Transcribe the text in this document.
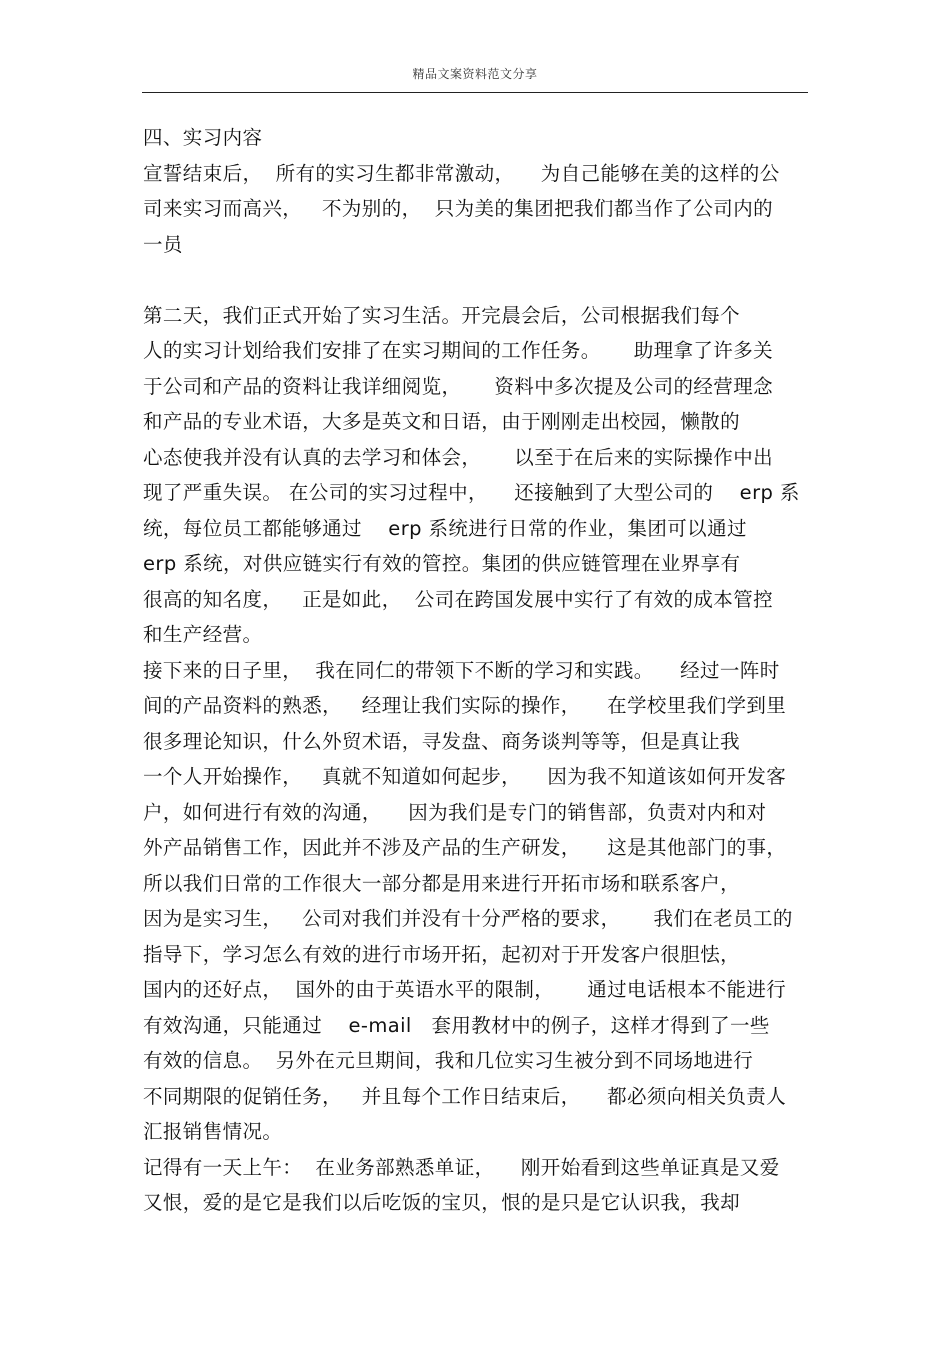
精品文案资料范文分享
四、实习内容
宣誓结束后，  所有的实习生都非常激动，    为自己能够在美的这样的公
司来实习而高兴，   不为别的，  只为美的集团把我们都当作了公司内的
一员
第二天，我们正式开始了实习生活。开完晨会后，公司根据我们每个
人的实习计划给我们安排了在实习期间的工作任务。     助理拿了许多关
于公司和产品的资料让我详细阅览，     资料中多次提及公司的经营理念
和产品的专业术语，大多是英文和日语，由于刚刚走出校园，懒散的
心态使我并没有认真的去学习和体会，     以至于在后来的实际操作中出
现了严重失误。 在公司的实习过程中，    还接触到了大型公司的    erp 系
统，每位员工都能够通过    erp 系统进行日常的作业，集团可以通过
erp 系统，对供应链实行有效的管控。集团的供应链管理在业界享有
很高的知名度，   正是如此，  公司在跨国发展中实行了有效的成本管控
和生产经营。
接下来的日子里，  我在同仁的带领下不断的学习和实践。    经过一阵时
间的产品资料的熟悉，   经理让我们实际的操作，    在学校里我们学到里
很多理论知识，什么外贸术语，寻发盘、商务谈判等等，但是真让我
一个人开始操作，   真就不知道如何起步，    因为我不知道该如何开发客
户，如何进行有效的沟通，    因为我们是专门的销售部，负责对内和对
外产品销售工作，因此并不涉及产品的生产研发，    这是其他部门的事，
所以我们日常的工作很大一部分都是用来进行开拓市场和联系客户，
因为是实习生，   公司对我们并没有十分严格的要求，     我们在老员工的
指导下，学习怎么有效的进行市场开拓，起初对于开发客户很胆怯，
国内的还好点，  国外的由于英语水平的限制，     通过电话根本不能进行
有效沟通，只能通过    e-mail   套用教材中的例子，这样才得到了一些
有效的信息。  另外在元旦期间，我和几位实习生被分到不同场地进行
不同期限的促销任务，   并且每个工作日结束后，    都必须向相关负责人
汇报销售情况。
记得有一天上午：  在业务部熟悉单证，    刚开始看到这些单证真是又爱
又恨，爱的是它是我们以后吃饭的宝贝，恨的是只是它认识我，我却
